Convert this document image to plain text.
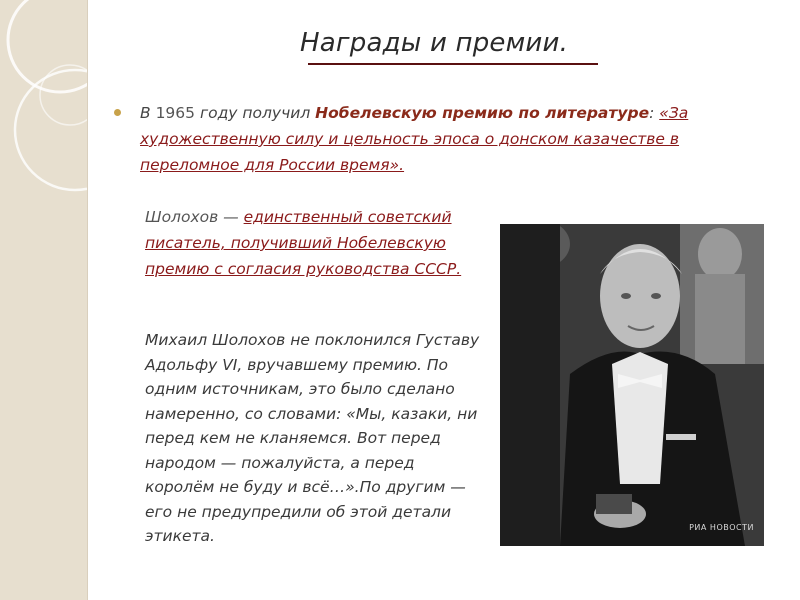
Награды и премии.
В 1965 году получил Нобелевскую премию по литературе: «За художественную силу и цельность эпоса о донском казачестве в переломное для России время».
Шолохов — единственный советский писатель, получивший Нобелевскую премию с согласия руководства СССР.
Михаил Шолохов не поклонился Густаву Адольфу VI, вручавшему премию. По одним источникам, это было сделано намеренно, со словами: «Мы, казаки, ни перед кем не кланяемся. Вот перед народом — пожалуйста, а перед королём не буду и всё…».По другим — его не предупредили об этой детали этикета.	РИА НОВОСТИ
